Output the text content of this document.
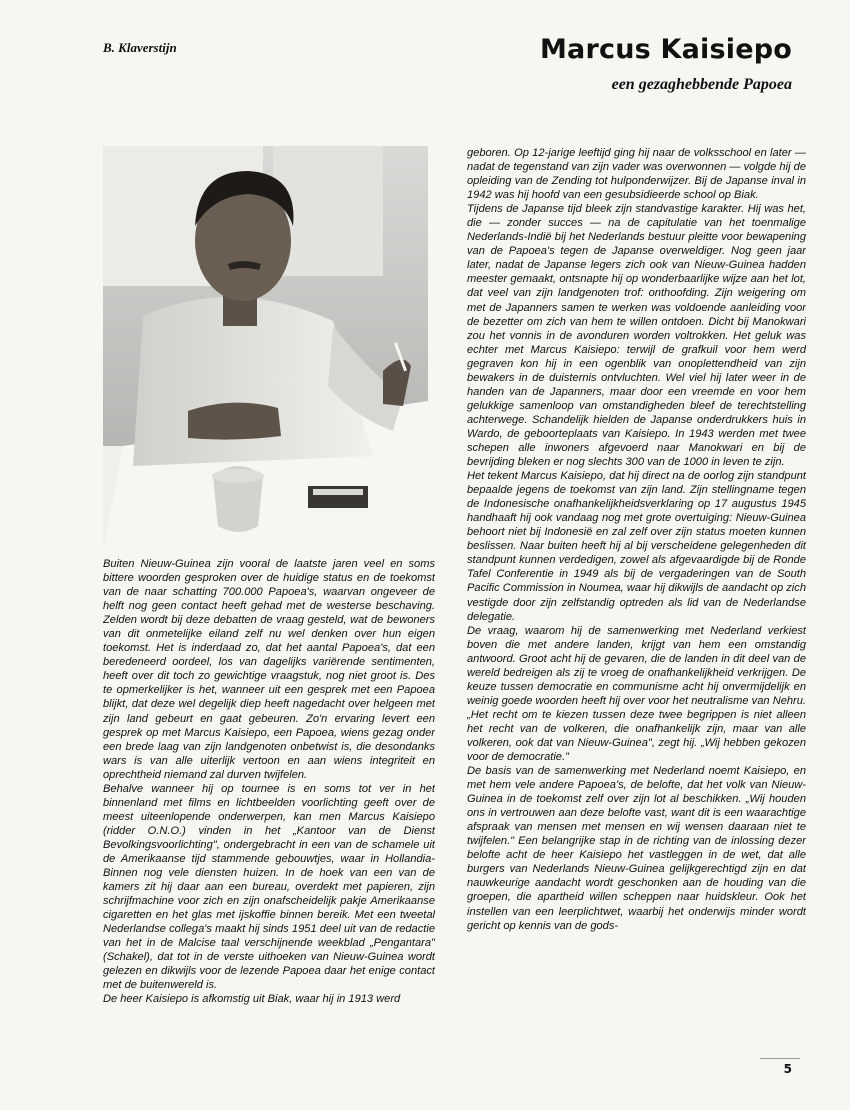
B. Klaverstijn	Marcus Kaisiepo
een gezaghebbende Papoea

Buiten Nieuw-Guinea zijn vooral de laatste jaren veel en soms bittere woorden gesproken over de huidige status en de toekomst van de naar schatting 700.000 Papoea's, waarvan ongeveer de helft nog geen contact heeft gehad met de westerse beschaving. Zelden wordt bij deze debatten de vraag gesteld, wat de bewoners van dit onmetelijke eiland zelf nu wel denken over hun eigen toekomst. Het is inderdaad zo, dat het aantal Papoea's, dat een beredeneerd oordeel, los van dagelijks variërende sentimenten, heeft over dit toch zo gewichtige vraagstuk, nog niet groot is. Des te opmerkelijker is het, wanneer uit een gesprek met een Papoea blijkt, dat deze wel degelijk diep heeft nagedacht over helgeen met zijn land gebeurt en gaat gebeuren. Zo'n ervaring levert een gesprek op met Marcus Kaisiepo, een Papoea, wiens gezag onder een brede laag van zijn landgenoten onbetwist is, die desondanks wars is van alle uiterlijk vertoon en aan wiens integriteit en oprechtheid niemand zal durven twijfelen.

Behalve wanneer hij op tournee is en soms tot ver in het binnenland met films en lichtbeelden voorlichting geeft over de meest uiteenlopende onderwerpen, kan men Marcus Kaisiepo (ridder O.N.O.) vinden in het „Kantoor van de Dienst Bevolkingsvoorlichting", ondergebracht in een van de schamele uit de Amerikaanse tijd stammende gebouwtjes, waar in Hollandia-Binnen nog vele diensten huizen. In de hoek van een van de kamers zit hij daar aan een bureau, overdekt met papieren, zijn schrijfmachine voor zich en zijn onafscheidelijk pakje Amerikaanse cigaretten en het glas met ijskoffie binnen bereik. Met een tweetal Nederlandse collega's maakt hij sinds 1951 deel uit van de redactie van het in de Malcise taal verschijnende weekblad „Pengantara" (Schakel), dat tot in de verste uithoeken van Nieuw-Guinea wordt gelezen en dikwijls voor de lezende Papoea daar het enige contact met de buitenwereld is.

De heer Kaisiepo is afkomstig uit Biak, waar hij in 1913 werd

geboren. Op 12-jarige leeftijd ging hij naar de volksschool en later — nadat de tegenstand van zijn vader was overwonnen — volgde hij de opleiding van de Zending tot hulponderwijzer. Bij de Japanse inval in 1942 was hij hoofd van een gesubsidieerde school op Biak.

Tijdens de Japanse tijd bleek zijn standvastige karakter. Hij was het, die — zonder succes — na de capitulatie van het toenmalige Nederlands-Indië bij het Nederlands bestuur pleitte voor bewapening van de Papoea's tegen de Japanse overweldiger. Nog geen jaar later, nadat de Japanse legers zich ook van Nieuw-Guinea hadden meester gemaakt, ontsnapte hij op wonderbaarlijke wijze aan het lot, dat veel van zijn landgenoten trof: onthoofding. Zijn weigering om met de Japanners samen te werken was voldoende aanleiding voor de bezetter om zich van hem te willen ontdoen. Dicht bij Manokwari zou het vonnis in de avonduren worden voltrokken. Het geluk was echter met Marcus Kaisiepo: terwijl de grafkuil voor hem werd gegraven kon hij in een ogenblik van onoplettendheid van zijn bewakers in de duisternis ontvluchten. Wel viel hij later weer in de handen van de Japanners, maar door een vreemde en voor hem gelukkige samenloop van omstandigheden bleef de terechtstelling achterwege. Schandelijk hielden de Japanse onderdrukkers huis in Wardo, de geboorteplaats van Kaisiepo. In 1943 werden met twee schepen alle inwoners afgevoerd naar Manokwari en bij de bevrijding bleken er nog slechts 300 van de 1000 in leven te zijn.

Het tekent Marcus Kaisiepo, dat hij direct na de oorlog zijn standpunt bepaalde jegens de toekomst van zijn land. Zijn stellingname tegen de Indonesische onafhankelijkheidsverklaring op 17 augustus 1945 handhaaft hij ook vandaag nog met grote overtuiging: Nieuw-Guinea behoort niet bij Indonesië en zal zelf over zijn status moeten kunnen beslissen. Naar buiten heeft hij al bij verscheidene gelegenheden dit standpunt kunnen verdedigen, zowel als afgevaardigde bij de Ronde Tafel Conferentie in 1949 als bij de vergaderingen van de South Pacific Commission in Noumea, waar hij dikwijls de aandacht op zich vestigde door zijn zelfstandig optreden als lid van de Nederlandse delegatie.

De vraag, waarom hij de samenwerking met Nederland verkiest boven die met andere landen, krijgt van hem een omstandig antwoord. Groot acht hij de gevaren, die de landen in dit deel van de wereld bedreigen als zij te vroeg de onafhankelijkheid verkrijgen. De keuze tussen democratie en communisme acht hij onvermijdelijk en weinig goede woorden heeft hij over voor het neutralisme van Nehru. „Het recht om te kiezen tussen deze twee begrippen is niet alleen het recht van de volkeren, die onafhankelijk zijn, maar van alle volkeren, ook dat van Nieuw-Guinea", zegt hij. „Wij hebben gekozen voor de democratie."

De basis van de samenwerking met Nederland noemt Kaisiepo, en met hem vele andere Papoea's, de belofte, dat het volk van Nieuw-Guinea in de toekomst zelf over zijn lot al beschikken. „Wij houden ons in vertrouwen aan deze belofte vast, want dit is een waarachtige afspraak van mensen met mensen en wij wensen daaraan niet te twijfelen." Een belangrijke stap in de richting van de inlossing dezer belofte acht de heer Kaisiepo het vastleggen in de wet, dat alle burgers van Nederlands Nieuw-Guinea gelijkgerechtigd zijn en dat nauwkeurige aandacht wordt geschonken aan de houding van die groepen, die apartheid willen scheppen naar huidskleur. Ook het instellen van een leerplichtwet, waarbij het onderwijs minder wordt gericht op kennis van de gods-

5
